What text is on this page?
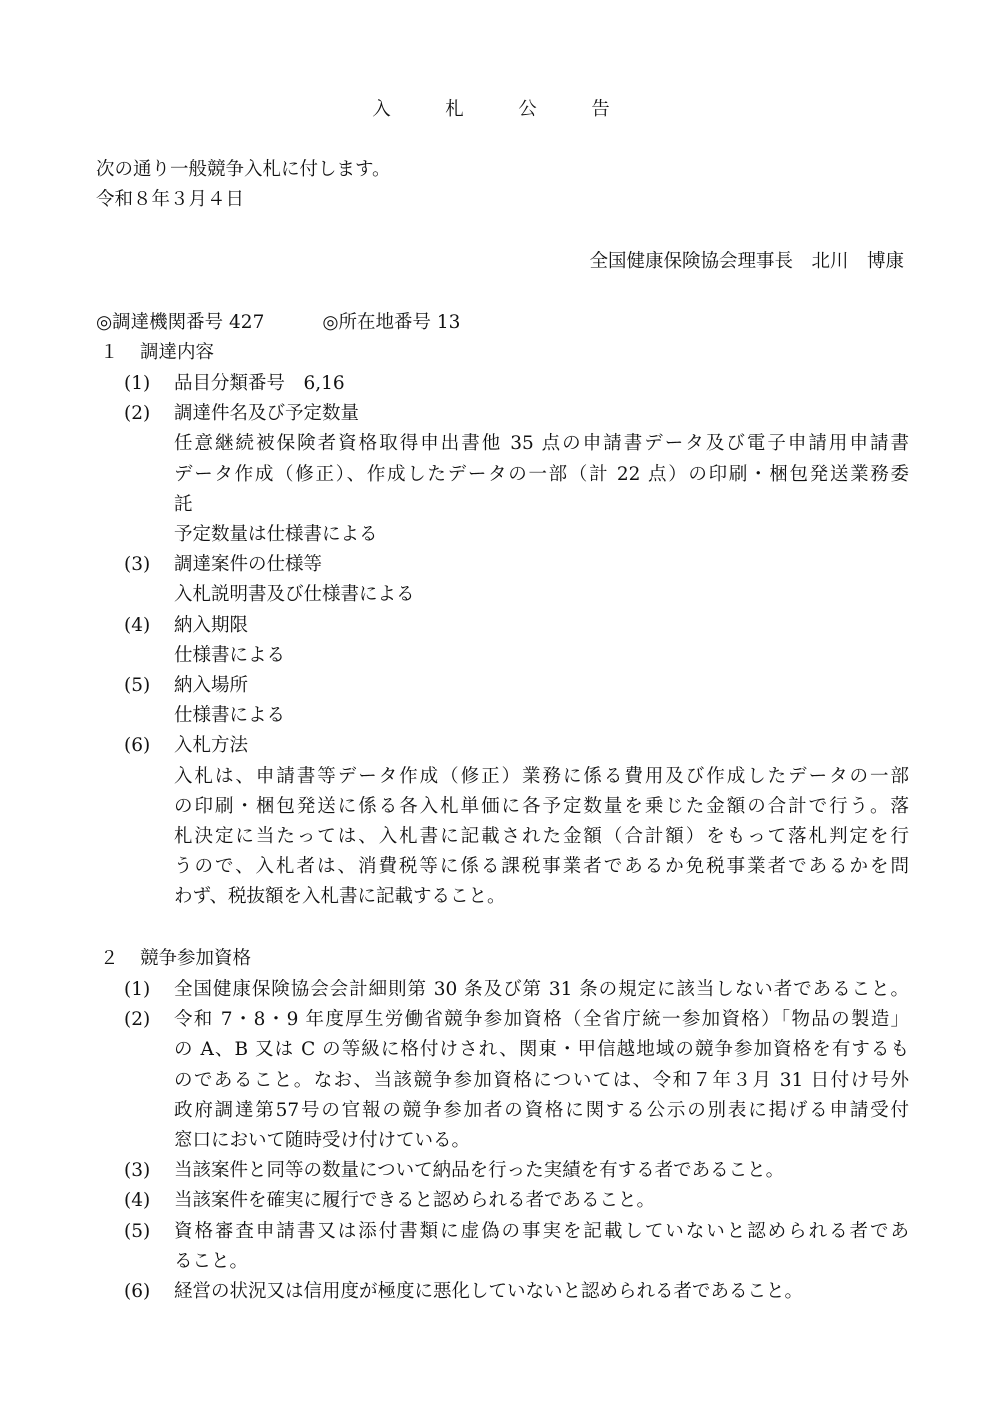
入　札　公　告
次の通り一般競争入札に付します。
令和８年３月４日
全国健康保険協会理事長　北川　博康
◎調達機関番号 427	◎所在地番号 13
１ 調達内容
(1)	品目分類番号　6,16
(2)	調達件名及び予定数量
任意継続被保険者資格取得申出書他 35 点の申請書データ及び電子申請用申請書
データ作成（修正）、作成したデータの一部（計 22 点）の印刷・梱包発送業務委
託
予定数量は仕様書による
(3)	調達案件の仕様等
入札説明書及び仕様書による
(4)	納入期限
仕様書による
(5)	納入場所
仕様書による
(6)	入札方法
入札は、申請書等データ作成（修正）業務に係る費用及び作成したデータの一部
の印刷・梱包発送に係る各入札単価に各予定数量を乗じた金額の合計で行う。落
札決定に当たっては、入札書に記載された金額（合計額）をもって落札判定を行
うので、入札者は、消費税等に係る課税事業者であるか免税事業者であるかを問
わず、税抜額を入札書に記載すること。
２ 競争参加資格
(1)	全国健康保険協会会計細則第 30 条及び第 31 条の規定に該当しない者であること。
(2)	令和 7・8・9 年度厚生労働省競争参加資格（全省庁統一参加資格）「物品の製造」
の A、B 又は C の等級に格付けされ、関東・甲信越地域の競争参加資格を有するも
のであること。なお、当該競争参加資格については、令和７年３月 31 日付け号外
政府調達第57号の官報の競争参加者の資格に関する公示の別表に掲げる申請受付
窓口において随時受け付けている。
(3)	当該案件と同等の数量について納品を行った実績を有する者であること。
(4)	当該案件を確実に履行できると認められる者であること。
(5)	資格審査申請書又は添付書類に虚偽の事実を記載していないと認められる者であ
ること。
(6)	経営の状況又は信用度が極度に悪化していないと認められる者であること。
